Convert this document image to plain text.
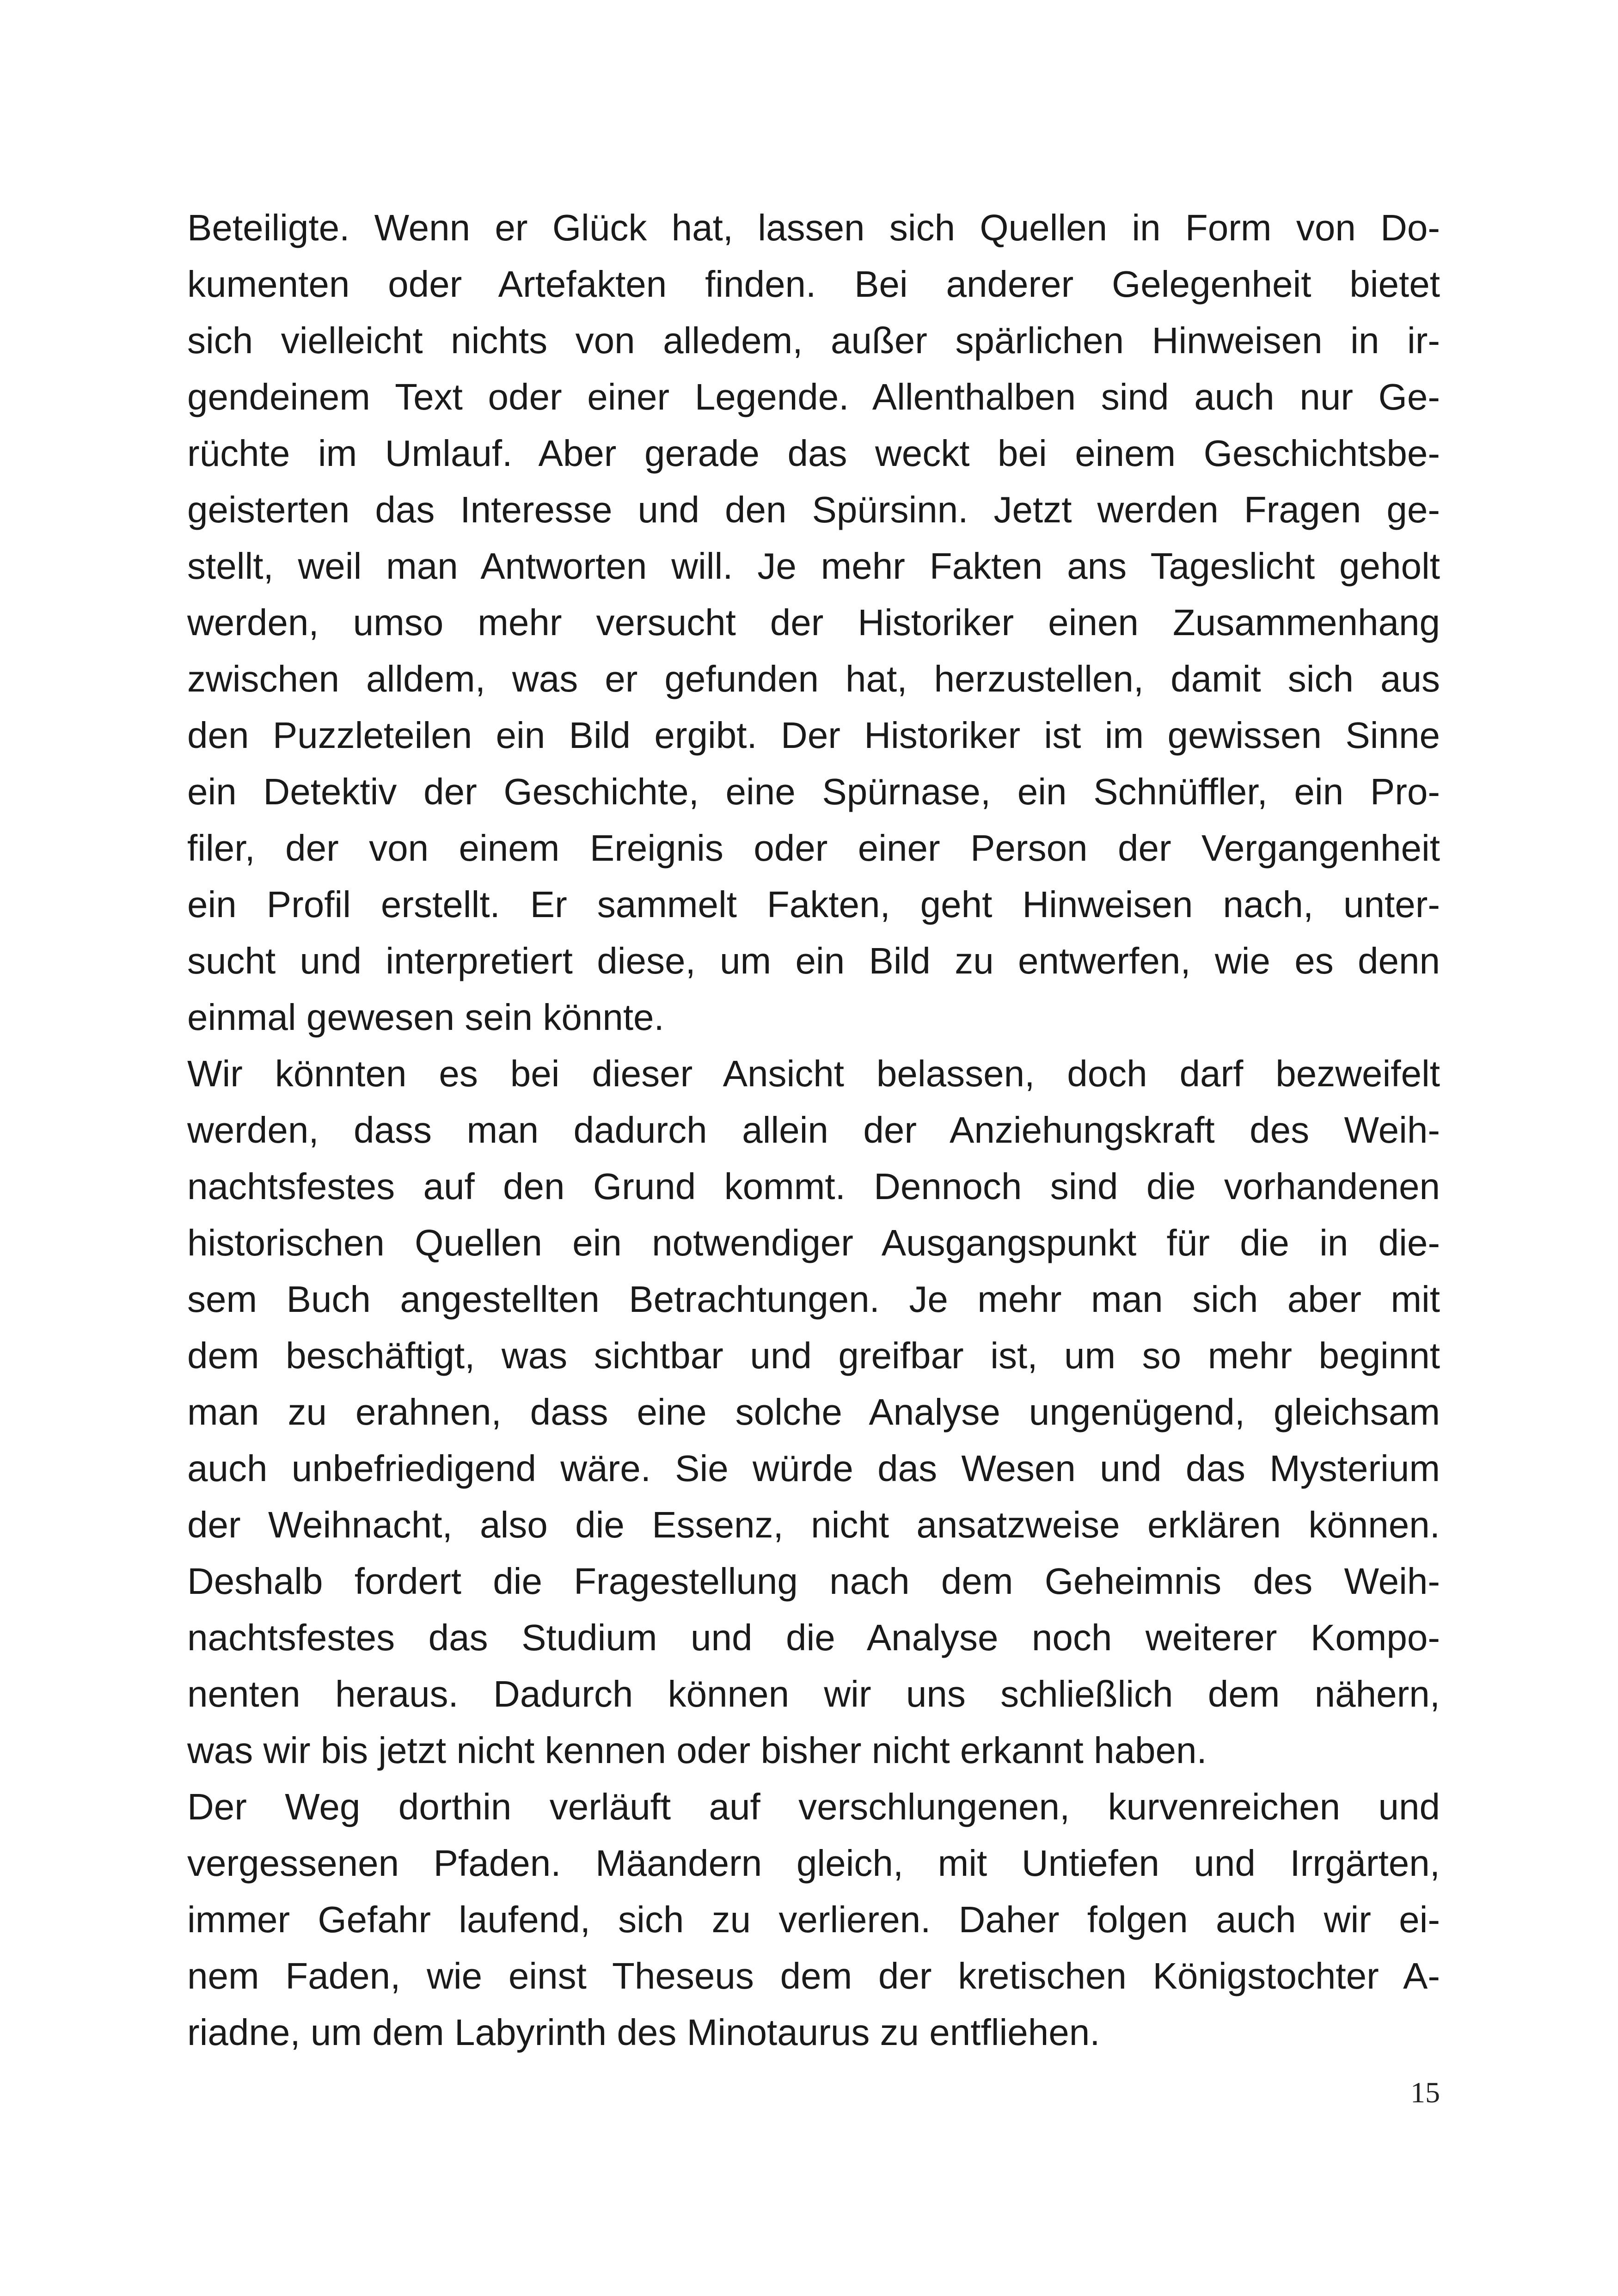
Beteiligte. Wenn er Glück hat, lassen sich Quellen in Form von Do-
kumenten oder Artefakten finden. Bei anderer Gelegenheit bietet
sich vielleicht nichts von alledem, außer spärlichen Hinweisen in ir-
gendeinem Text oder einer Legende. Allenthalben sind auch nur Ge-
rüchte im Umlauf. Aber gerade das weckt bei einem Geschichtsbe-
geisterten das Interesse und den Spürsinn. Jetzt werden Fragen ge-
stellt, weil man Antworten will. Je mehr Fakten ans Tageslicht geholt
werden, umso mehr versucht der Historiker einen Zusammenhang
zwischen alldem, was er gefunden hat, herzustellen, damit sich aus
den Puzzleteilen ein Bild ergibt. Der Historiker ist im gewissen Sinne
ein Detektiv der Geschichte, eine Spürnase, ein Schnüffler, ein Pro-
filer, der von einem Ereignis oder einer Person der Vergangenheit
ein Profil erstellt. Er sammelt Fakten, geht Hinweisen nach, unter-
sucht und interpretiert diese, um ein Bild zu entwerfen, wie es denn
einmal gewesen sein könnte.
Wir könnten es bei dieser Ansicht belassen, doch darf bezweifelt
werden, dass man dadurch allein der Anziehungskraft des Weih-
nachtsfestes auf den Grund kommt. Dennoch sind die vorhandenen
historischen Quellen ein notwendiger Ausgangspunkt für die in die-
sem Buch angestellten Betrachtungen. Je mehr man sich aber mit
dem beschäftigt, was sichtbar und greifbar ist, um so mehr beginnt
man zu erahnen, dass eine solche Analyse ungenügend, gleichsam
auch unbefriedigend wäre. Sie würde das Wesen und das Mysterium
der Weihnacht, also die Essenz, nicht ansatzweise erklären können.
Deshalb fordert die Fragestellung nach dem Geheimnis des Weih-
nachtsfestes das Studium und die Analyse noch weiterer Kompo-
nenten heraus. Dadurch können wir uns schließlich dem nähern,
was wir bis jetzt nicht kennen oder bisher nicht erkannt haben.
Der Weg dorthin verläuft auf verschlungenen, kurvenreichen und
vergessenen Pfaden. Mäandern gleich, mit Untiefen und Irrgärten,
immer Gefahr laufend, sich zu verlieren. Daher folgen auch wir ei-
nem Faden, wie einst Theseus dem der kretischen Königstochter A-
riadne, um dem Labyrinth des Minotaurus zu entfliehen.
15
